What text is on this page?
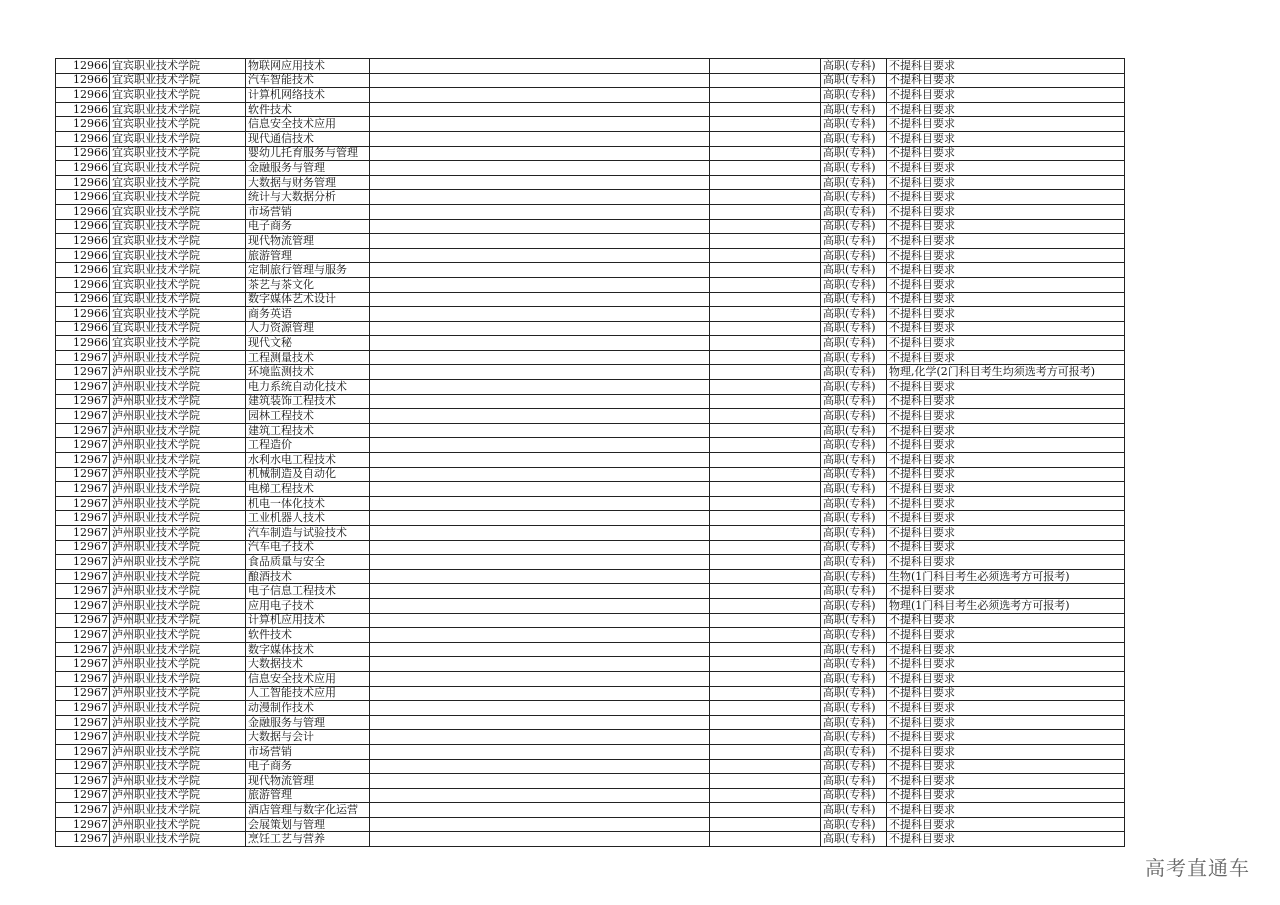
12966	宜宾职业技术学院	物联网应用技术			高职(专科)	不提科目要求
12966	宜宾职业技术学院	汽车智能技术			高职(专科)	不提科目要求
12966	宜宾职业技术学院	计算机网络技术			高职(专科)	不提科目要求
12966	宜宾职业技术学院	软件技术			高职(专科)	不提科目要求
12966	宜宾职业技术学院	信息安全技术应用			高职(专科)	不提科目要求
12966	宜宾职业技术学院	现代通信技术			高职(专科)	不提科目要求
12966	宜宾职业技术学院	婴幼儿托育服务与管理			高职(专科)	不提科目要求
12966	宜宾职业技术学院	金融服务与管理			高职(专科)	不提科目要求
12966	宜宾职业技术学院	大数据与财务管理			高职(专科)	不提科目要求
12966	宜宾职业技术学院	统计与大数据分析			高职(专科)	不提科目要求
12966	宜宾职业技术学院	市场营销			高职(专科)	不提科目要求
12966	宜宾职业技术学院	电子商务			高职(专科)	不提科目要求
12966	宜宾职业技术学院	现代物流管理			高职(专科)	不提科目要求
12966	宜宾职业技术学院	旅游管理			高职(专科)	不提科目要求
12966	宜宾职业技术学院	定制旅行管理与服务			高职(专科)	不提科目要求
12966	宜宾职业技术学院	茶艺与茶文化			高职(专科)	不提科目要求
12966	宜宾职业技术学院	数字媒体艺术设计			高职(专科)	不提科目要求
12966	宜宾职业技术学院	商务英语			高职(专科)	不提科目要求
12966	宜宾职业技术学院	人力资源管理			高职(专科)	不提科目要求
12966	宜宾职业技术学院	现代文秘			高职(专科)	不提科目要求
12967	泸州职业技术学院	工程测量技术			高职(专科)	不提科目要求
12967	泸州职业技术学院	环境监测技术			高职(专科)	物理,化学(2门科目考生均须选考方可报考)
12967	泸州职业技术学院	电力系统自动化技术			高职(专科)	不提科目要求
12967	泸州职业技术学院	建筑装饰工程技术			高职(专科)	不提科目要求
12967	泸州职业技术学院	园林工程技术			高职(专科)	不提科目要求
12967	泸州职业技术学院	建筑工程技术			高职(专科)	不提科目要求
12967	泸州职业技术学院	工程造价			高职(专科)	不提科目要求
12967	泸州职业技术学院	水利水电工程技术			高职(专科)	不提科目要求
12967	泸州职业技术学院	机械制造及自动化			高职(专科)	不提科目要求
12967	泸州职业技术学院	电梯工程技术			高职(专科)	不提科目要求
12967	泸州职业技术学院	机电一体化技术			高职(专科)	不提科目要求
12967	泸州职业技术学院	工业机器人技术			高职(专科)	不提科目要求
12967	泸州职业技术学院	汽车制造与试验技术			高职(专科)	不提科目要求
12967	泸州职业技术学院	汽车电子技术			高职(专科)	不提科目要求
12967	泸州职业技术学院	食品质量与安全			高职(专科)	不提科目要求
12967	泸州职业技术学院	酿酒技术			高职(专科)	生物(1门科目考生必须选考方可报考)
12967	泸州职业技术学院	电子信息工程技术			高职(专科)	不提科目要求
12967	泸州职业技术学院	应用电子技术			高职(专科)	物理(1门科目考生必须选考方可报考)
12967	泸州职业技术学院	计算机应用技术			高职(专科)	不提科目要求
12967	泸州职业技术学院	软件技术			高职(专科)	不提科目要求
12967	泸州职业技术学院	数字媒体技术			高职(专科)	不提科目要求
12967	泸州职业技术学院	大数据技术			高职(专科)	不提科目要求
12967	泸州职业技术学院	信息安全技术应用			高职(专科)	不提科目要求
12967	泸州职业技术学院	人工智能技术应用			高职(专科)	不提科目要求
12967	泸州职业技术学院	动漫制作技术			高职(专科)	不提科目要求
12967	泸州职业技术学院	金融服务与管理			高职(专科)	不提科目要求
12967	泸州职业技术学院	大数据与会计			高职(专科)	不提科目要求
12967	泸州职业技术学院	市场营销			高职(专科)	不提科目要求
12967	泸州职业技术学院	电子商务			高职(专科)	不提科目要求
12967	泸州职业技术学院	现代物流管理			高职(专科)	不提科目要求
12967	泸州职业技术学院	旅游管理			高职(专科)	不提科目要求
12967	泸州职业技术学院	酒店管理与数字化运营			高职(专科)	不提科目要求
12967	泸州职业技术学院	会展策划与管理			高职(专科)	不提科目要求
12967	泸州职业技术学院	烹饪工艺与营养			高职(专科)	不提科目要求
高考直通车
